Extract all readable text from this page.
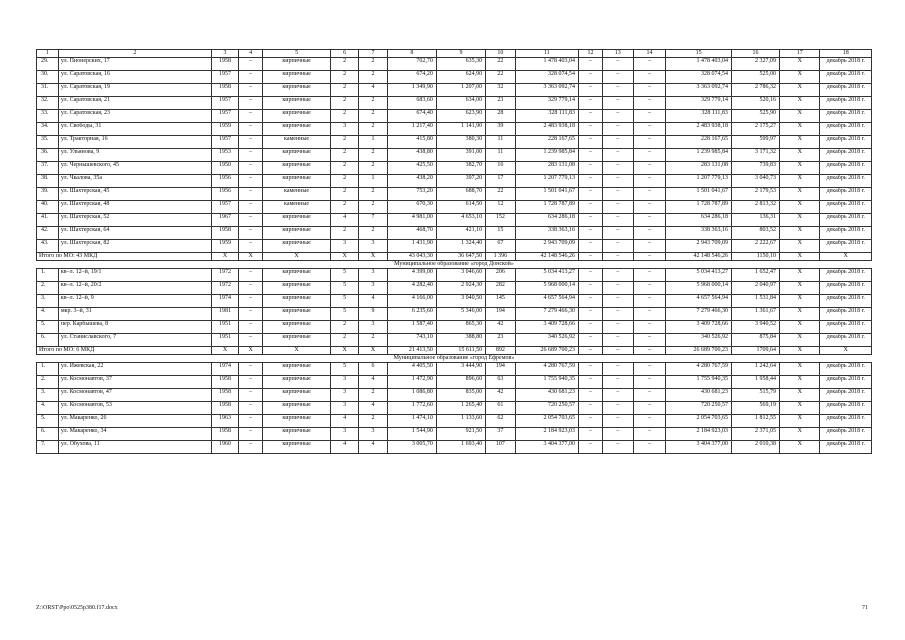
1	2	3	4	5	6	7	8	9	10	11	12	13	14	15	16	17	18
29.	ул. Пионерских, 17	1958	–	кирпичные	2	2	702,70	635,30	22	1 478 403,04	–	–	–	1 478 403,04	2 327,09	X	декабрь 2018 г.
30.	ул. Саратовская, 16	1957	–	кирпичные	2	2	674,20	624,90	22	328 074,54	–	–	–	328 074,54	525,00	X	декабрь 2018 г.
31.	ул. Саратовская, 19	1958	–	кирпичные	2	4	1 349,90	1 207,00	32	3 363 092,74	–	–	–	3 363 092,74	2 786,32	X	декабрь 2018 г.
32.	ул. Саратовская, 21	1957	–	кирпичные	2	2	683,60	634,00	23	329 779,14	–	–	–	329 779,14	520,16	X	декабрь 2018 г.
33.	ул. Саратовская, 23	1957	–	кирпичные	2	2	674,40	623,90	28	328 111,83	–	–	–	328 111,83	525,90	X	декабрь 2018 г.
34.	ул. Свободы, 31	1959	–	кирпичные	3	2	1 217,40	1 141,90	39	2 483 938,18	–	–	–	2 483 938,18	2 175,27	X	декабрь 2018 г.
35.	ул. Тракторная, 16	1957	–	каменные	2	1	415,80	380,30	11	228 167,65	–	–	–	228 167,65	599,97	X	декабрь 2018 г.
36.	ул. Ульянова, 9	1953	–	кирпичные	2	2	438,80	391,00	11	1 239 985,84	–	–	–	1 239 985,84	3 171,32	X	декабрь 2018 г.
37.	ул. Чернышевского, 45	1950	–	кирпичные	2	2	425,50	382,70	16	283 131,08	–	–	–	283 131,08	739,83	X	декабрь 2018 г.
38.	ул. Чкалова, 35а	1956	–	кирпичные	2	1	438,20	397,20	17	1 207 779,13	–	–	–	1 207 779,13	3 040,73	X	декабрь 2018 г.
39.	ул. Шахтерская, 45	1956	–	каменные	2	2	753,20	688,70	22	1 501 041,67	–	–	–	1 501 041,67	2 179,53	X	декабрь 2018 г.
40.	ул. Шахтерская, 48	1957	–	каменные	2	2	670,30	614,50	12	1 728 787,89	–	–	–	1 728 787,89	2 813,32	X	декабрь 2018 г.
41.	ул. Шахтерская, 52	1967	–	кирпичные	4	7	4 981,00	4 653,10	152	634 286,18	–	–	–	634 286,18	136,31	X	декабрь 2018 г.
42.	ул. Шахтерская, 64	1958	–	кирпичные	2	2	468,70	421,10	15	338 363,16	–	–	–	338 363,16	803,52	X	декабрь 2018 г.
43.	ул. Шахтерская, 82	1959	–	кирпичные	3	3	1 431,90	1 324,40	67	2 943 709,09	–	–	–	2 943 709,09	2 222,67	X	декабрь 2018 г.
Итого по МО: 43 МКД		X	X	X	X	X	43 043,30	36 647,50	1 396	42 148 546,26	–	–	–	42 148 546,26	1150,10	X	X
Муниципальное образование «город Донской»																	
1.	кв–л. 12–й, 19/1	1972	–	кирпичные	5	3	4 399,00	3 046,60	206	5 034 413,27	–	–	–	5 034 413,27	1 652,47	X	декабрь 2018 г.
2.	кв–л. 12–й, 20/2	1972	–	кирпичные	5	3	4 282,40	2 924,30	282	5 968 000,14	–	–	–	5 968 000,14	2 040,97	X	декабрь 2018 г.
3.	кв–л. 12–й, 9	1974	–	кирпичные	5	4	4 166,00	3 040,50	145	4 657 564,94	–	–	–	4 657 564,94	1 531,84	X	декабрь 2018 г.
4.	мкр. 3–й, 31	1981	–	кирпичные	5	9	6 235,60	5 346,00	194	7 279 466,30	–	–	–	7 279 466,30	1 361,67	X	декабрь 2018 г.
5.	пер. Карбышева, 8	1951	–	кирпичные	2	3	1 587,40	865,30	42	3 409 728,66	–	–	–	3 409 728,66	3 940,52	X	декабрь 2018 г.
6.	ул. Станиславского, 7	1951	–	кирпичные	2	2	743,10	388,80	23	340 526,92	–	–	–	340 526,92	875,84	X	декабрь 2018 г.
Итого по МО: 6 МКД		X	X	X	X	X	21 413,50	15 611,50	892	26 689 700,23	–	–	–	26 689 700,23	1709,64	X	X
Муниципальное образование «город Ефремов»																	
1.	ул. Ижевская, 22	1974	–	кирпичные	5	6	4 405,50	3 444,90	194	4 280 767,59	–	–	–	4 280 767,59	1 242,64	X	декабрь 2018 г.
2.	ул. Космонавтов, 37	1958	–	кирпичные	3	4	1 472,90	896,60	63	1 755 940,35	–	–	–	1 755 940,35	1 958,44	X	декабрь 2018 г.
3.	ул. Космонавтов, 47	1958	–	кирпичные	3	2	1 086,80	835,00	42	430 681,23	–	–	–	430 681,23	515,79	X	декабрь 2018 г.
4.	ул. Космонавтов, 53	1958	–	кирпичные	3	4	1 772,60	1 265,40	61	720 250,57	–	–	–	720 250,57	569,19	X	декабрь 2018 г.
5.	ул. Макаренко, 26	1963	–	кирпичные	4	2	1 474,10	1 133,60	62	2 054 703,65	–	–	–	2 054 703,65	1 812,55	X	декабрь 2018 г.
6.	ул. Макаренко, 34	1958	–	кирпичные	3	3	1 544,90	921,50	37	2 184 923,03	–	–	–	2 184 923,03	2 371,05	X	декабрь 2018 г.
7.	ул. Обухова, 11	1960	–	кирпичные	4	4	3 005,70	1 693,40	107	3 404 377,00	–	–	–	3 404 377,00	2 010,38	X	декабрь 2018 г.
Z:\ORST\Ppo\0525p380.f17.docx	71
